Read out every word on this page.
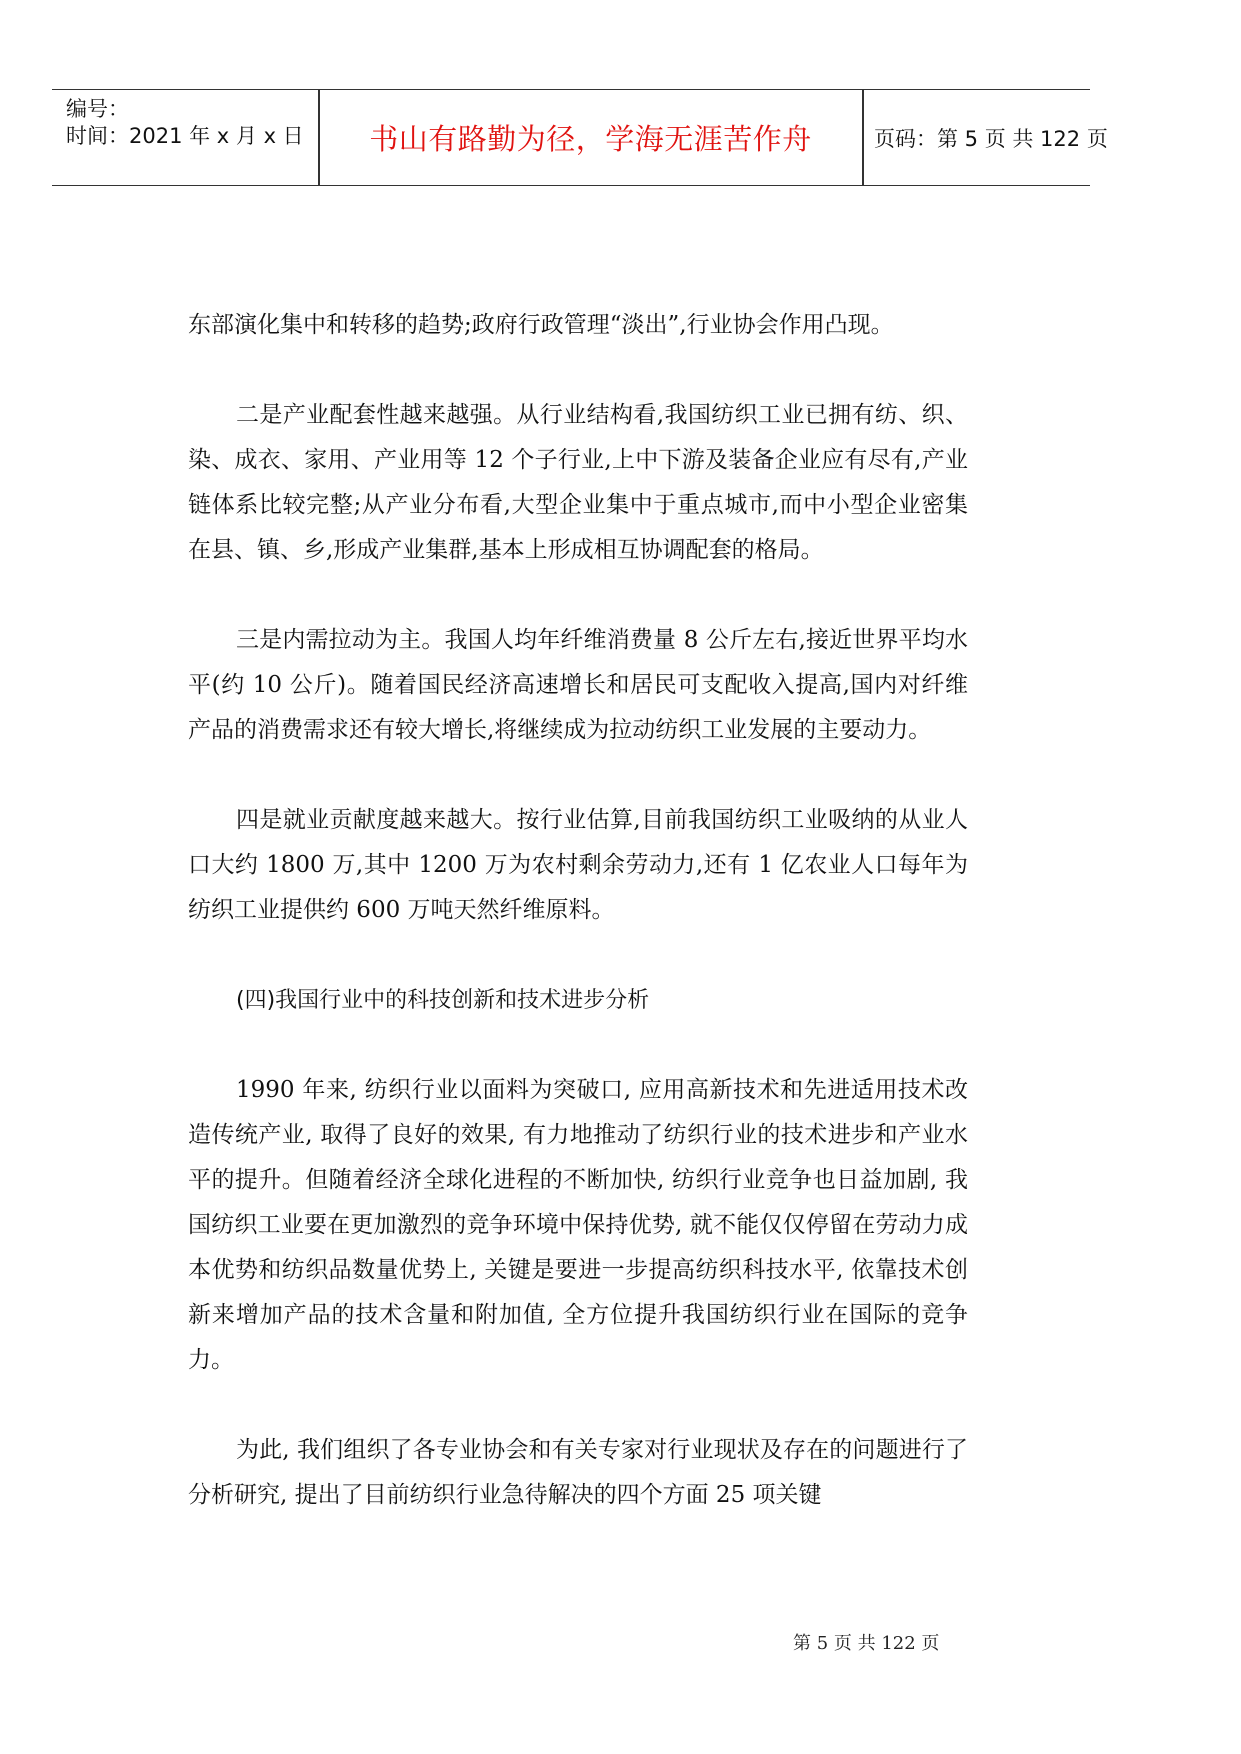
编号：
时间：2021 年 x 月 x 日	书山有路勤为径，学海无涯苦作舟	页码：第 5 页 共 122 页

东部演化集中和转移的趋势;政府行政管理“淡出”,行业协会作用凸现。

二是产业配套性越来越强。从行业结构看,我国纺织工业已拥有纺、织、染、成衣、家用、产业用等 12 个子行业,上中下游及装备企业应有尽有,产业链体系比较完整;从产业分布看,大型企业集中于重点城市,而中小型企业密集在县、镇、乡,形成产业集群,基本上形成相互协调配套的格局。

三是内需拉动为主。我国人均年纤维消费量 8 公斤左右,接近世界平均水平(约 10 公斤)。随着国民经济高速增长和居民可支配收入提高,国内对纤维产品的消费需求还有较大增长,将继续成为拉动纺织工业发展的主要动力。

四是就业贡献度越来越大。按行业估算,目前我国纺织工业吸纳的从业人口大约 1800 万,其中 1200 万为农村剩余劳动力,还有 1 亿农业人口每年为纺织工业提供约 600 万吨天然纤维原料。

(四)我国行业中的科技创新和技术进步分析

1990 年来, 纺织行业以面料为突破口, 应用高新技术和先进适用技术改造传统产业, 取得了良好的效果, 有力地推动了纺织行业的技术进步和产业水平的提升。但随着经济全球化进程的不断加快, 纺织行业竞争也日益加剧, 我国纺织工业要在更加激烈的竞争环境中保持优势, 就不能仅仅停留在劳动力成本优势和纺织品数量优势上, 关键是要进一步提高纺织科技水平, 依靠技术创新来增加产品的技术含量和附加值, 全方位提升我国纺织行业在国际的竞争力。

为此, 我们组织了各专业协会和有关专家对行业现状及存在的问题进行了分析研究, 提出了目前纺织行业急待解决的四个方面 25 项关键

第 5 页 共 122 页
